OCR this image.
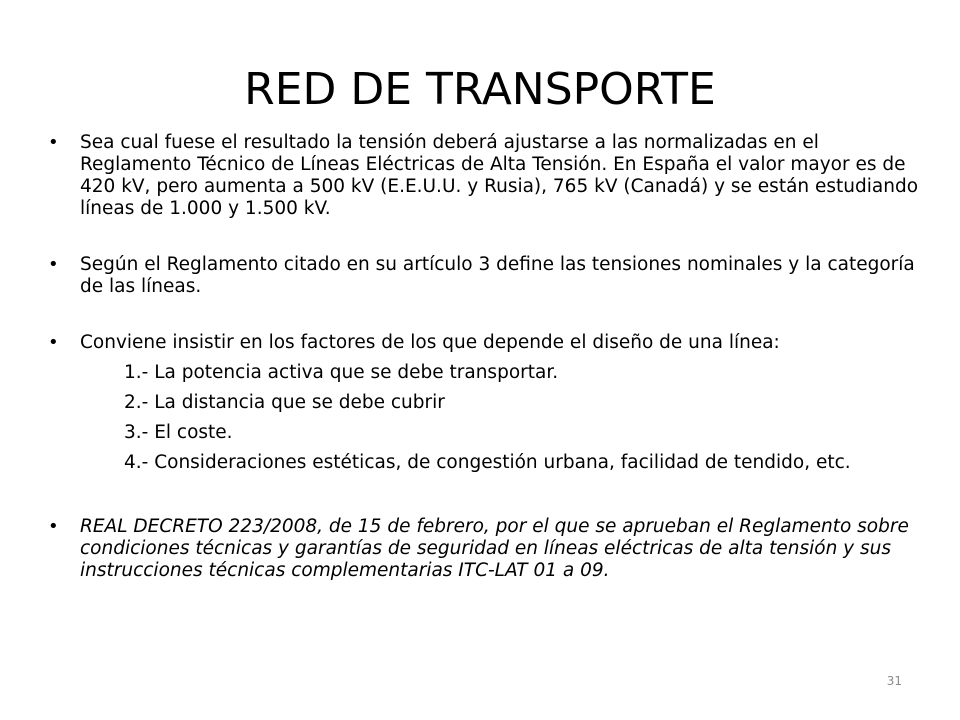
RED DE TRANSPORTE
• Sea cual fuese el resultado la tensión deberá ajustarse a las normalizadas en el Reglamento Técnico de Líneas Eléctricas de Alta Tensión. En España el valor mayor es de 420 kV, pero aumenta a 500 kV (E.E.U.U. y Rusia), 765 kV (Canadá) y se están estudiando líneas de 1.000 y 1.500 kV.
• Según el Reglamento citado en su artículo 3 define las tensiones nominales y la categoría de las líneas.
• Conviene insistir en los factores de los que depende el diseño de una línea:
1.- La potencia activa que se debe transportar.
2.- La distancia que se debe cubrir
3.- El coste.
4.- Consideraciones estéticas, de congestión urbana, facilidad de tendido, etc.
• REAL DECRETO 223/2008, de 15 de febrero, por el que se aprueban el Reglamento sobre condiciones técnicas y garantías de seguridad en líneas eléctricas de alta tensión y sus instrucciones técnicas complementarias ITC-LAT 01 a 09.
31
